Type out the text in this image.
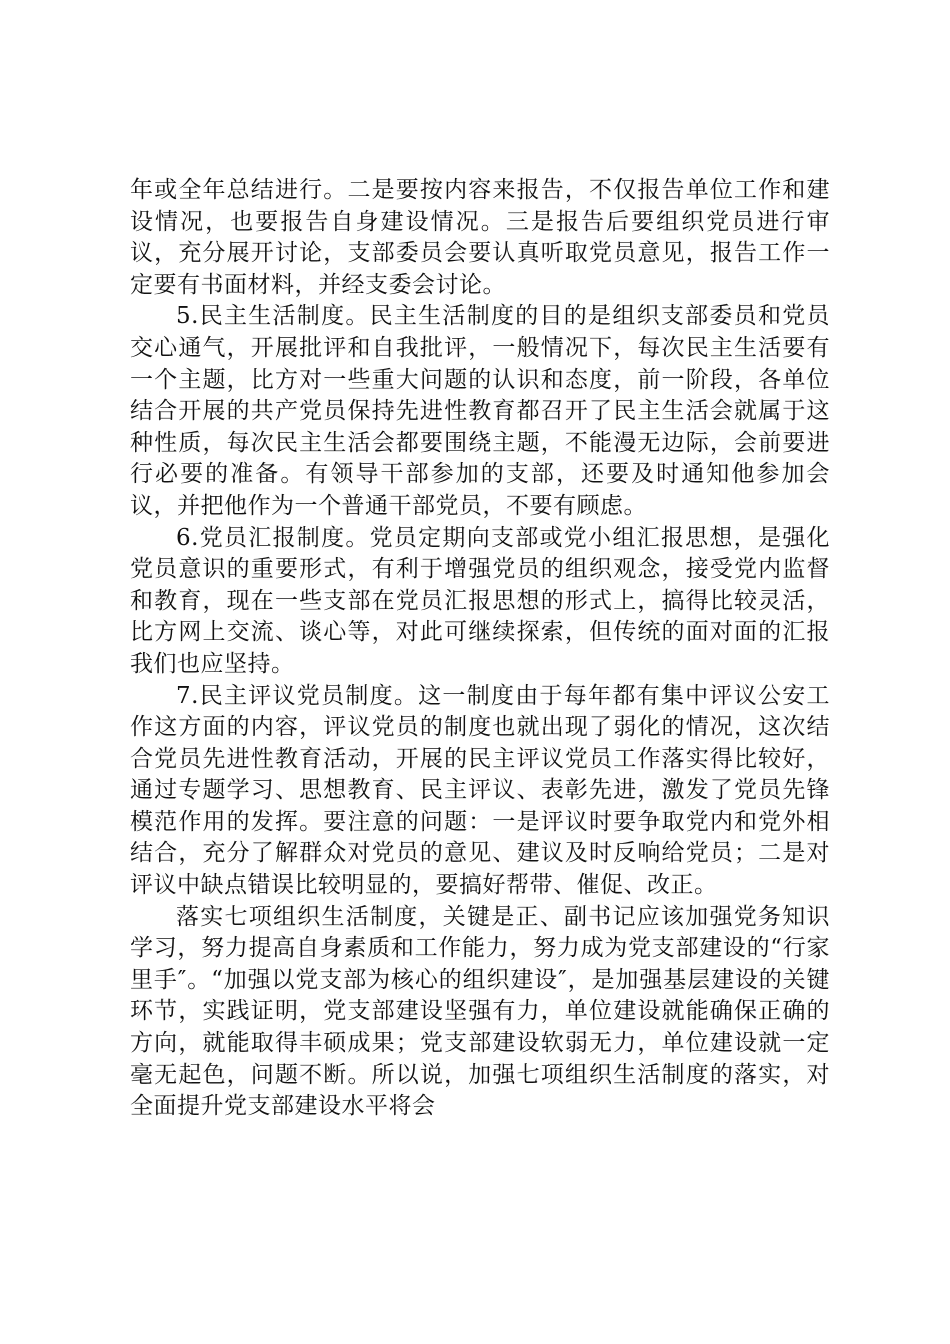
年或全年总结进行。二是要按内容来报告，不仅报告单位工作和建设情况，也要报告自身建设情况。三是报告后要组织党员进行审议，充分展开讨论，支部委员会要认真听取党员意见，报告工作一定要有书面材料，并经支委会讨论。

5.民主生活制度。民主生活制度的目的是组织支部委员和党员交心通气，开展批评和自我批评，一般情况下，每次民主生活要有一个主题，比方对一些重大问题的认识和态度，前一阶段，各单位结合开展的共产党员保持先进性教育都召开了民主生活会就属于这种性质，每次民主生活会都要围绕主题，不能漫无边际，会前要进行必要的准备。有领导干部参加的支部，还要及时通知他参加会议，并把他作为一个普通干部党员，不要有顾虑。

6.党员汇报制度。党员定期向支部或党小组汇报思想，是强化党员意识的重要形式，有利于增强党员的组织观念，接受党内监督和教育，现在一些支部在党员汇报思想的形式上，搞得比较灵活，比方网上交流、谈心等，对此可继续探索，但传统的面对面的汇报我们也应坚持。

7.民主评议党员制度。这一制度由于每年都有集中评议公安工作这方面的内容，评议党员的制度也就出现了弱化的情况，这次结合党员先进性教育活动，开展的民主评议党员工作落实得比较好，通过专题学习、思想教育、民主评议、表彰先进，激发了党员先锋模范作用的发挥。要注意的问题：一是评议时要争取党内和党外相结合，充分了解群众对党员的意见、建议及时反响给党员；二是对评议中缺点错误比较明显的，要搞好帮带、催促、改正。

落实七项组织生活制度，关键是正、副书记应该加强党务知识学习，努力提高自身素质和工作能力，努力成为党支部建设的“行家里手″。“加强以党支部为核心的组织建设″，是加强基层建设的关键环节，实践证明，党支部建设坚强有力，单位建设就能确保正确的方向，就能取得丰硕成果；党支部建设软弱无力，单位建设就一定毫无起色，问题不断。所以说，加强七项组织生活制度的落实，对全面提升党支部建设水平将会
